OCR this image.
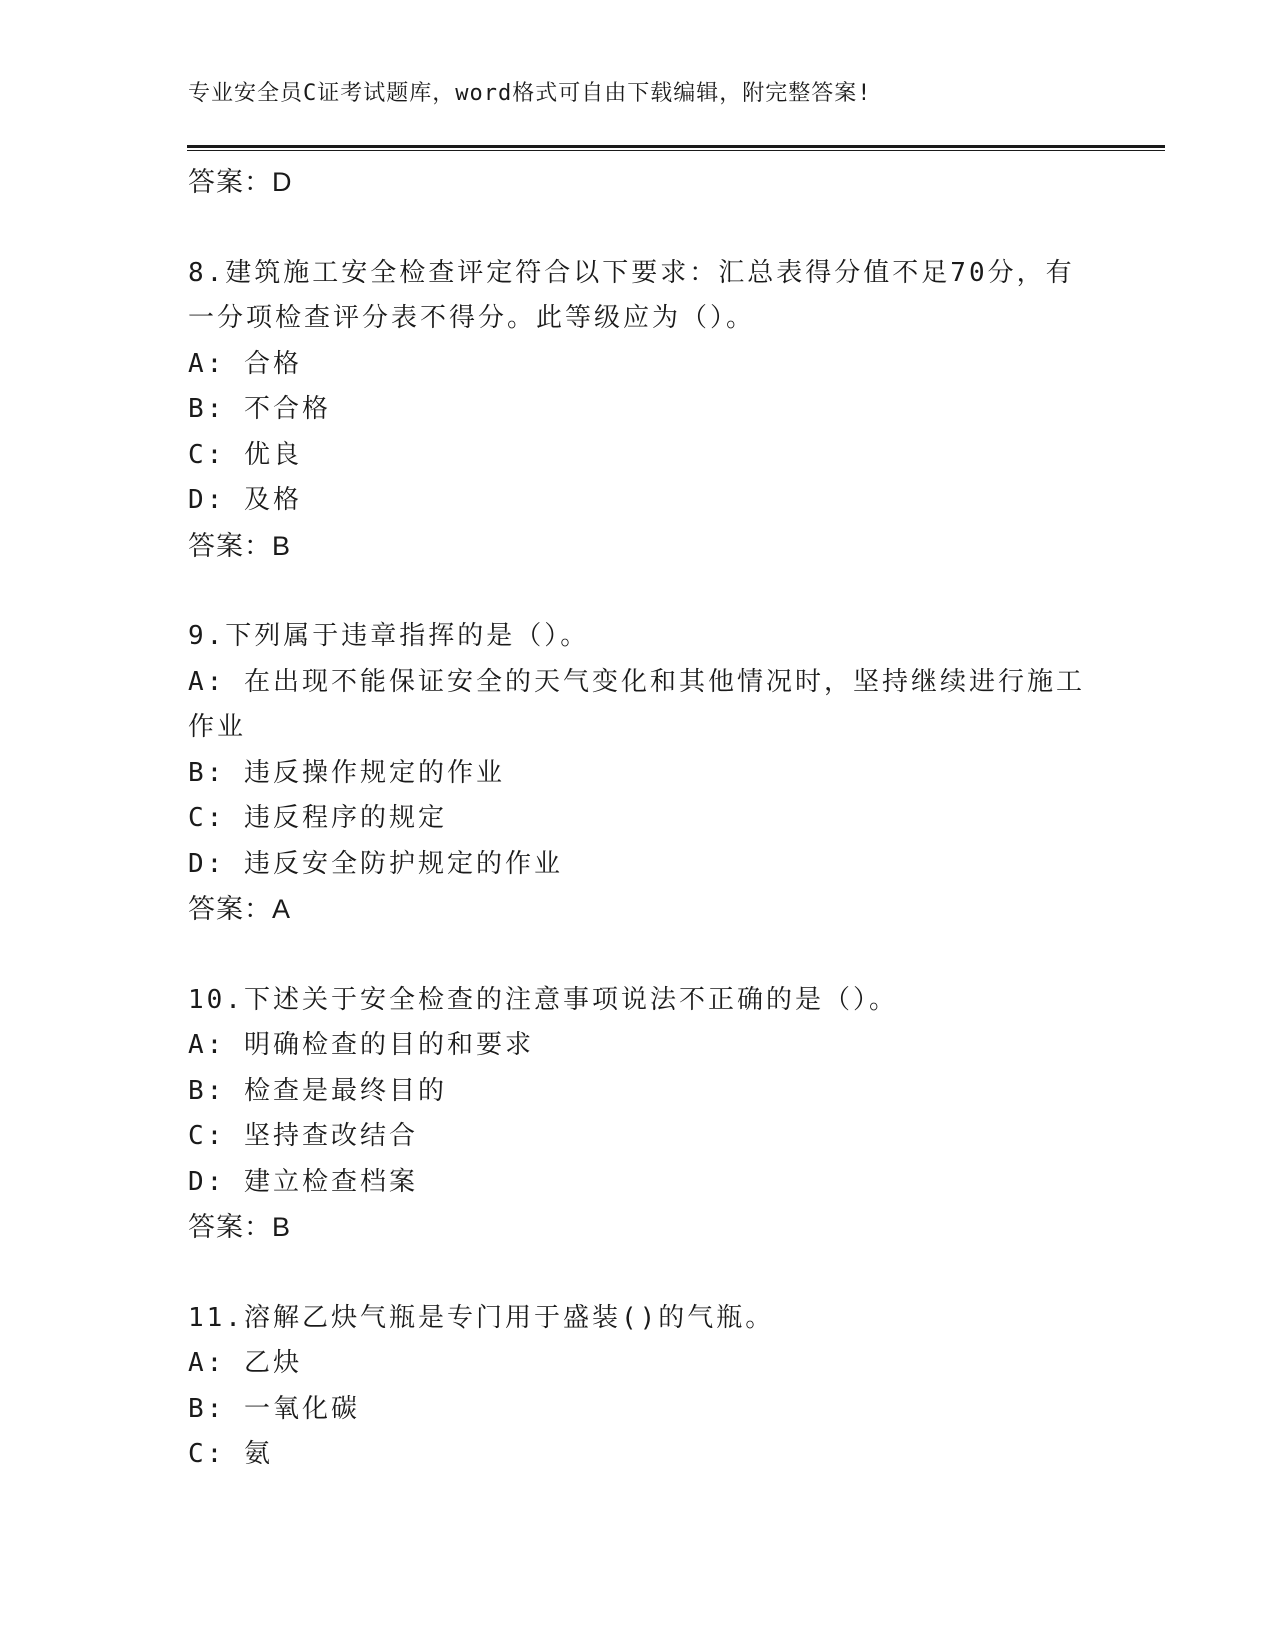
专业安全员C证考试题库，word格式可自由下载编辑，附完整答案!
答案：D
8.建筑施工安全检查评定符合以下要求：汇总表得分值不足70分，有
一分项检查评分表不得分。此等级应为（）。
A: 合格
B: 不合格
C: 优良
D: 及格
答案：B
9.下列属于违章指挥的是（）。
A: 在出现不能保证安全的天气变化和其他情况时，坚持继续进行施工
作业
B: 违反操作规定的作业
C: 违反程序的规定
D: 违反安全防护规定的作业
答案：A
10.下述关于安全检查的注意事项说法不正确的是（）。
A: 明确检查的目的和要求
B: 检查是最终目的
C: 坚持查改结合
D: 建立检查档案
答案：B
11.溶解乙炔气瓶是专门用于盛装()的气瓶。
A: 乙炔
B: 一氧化碳
C: 氨
